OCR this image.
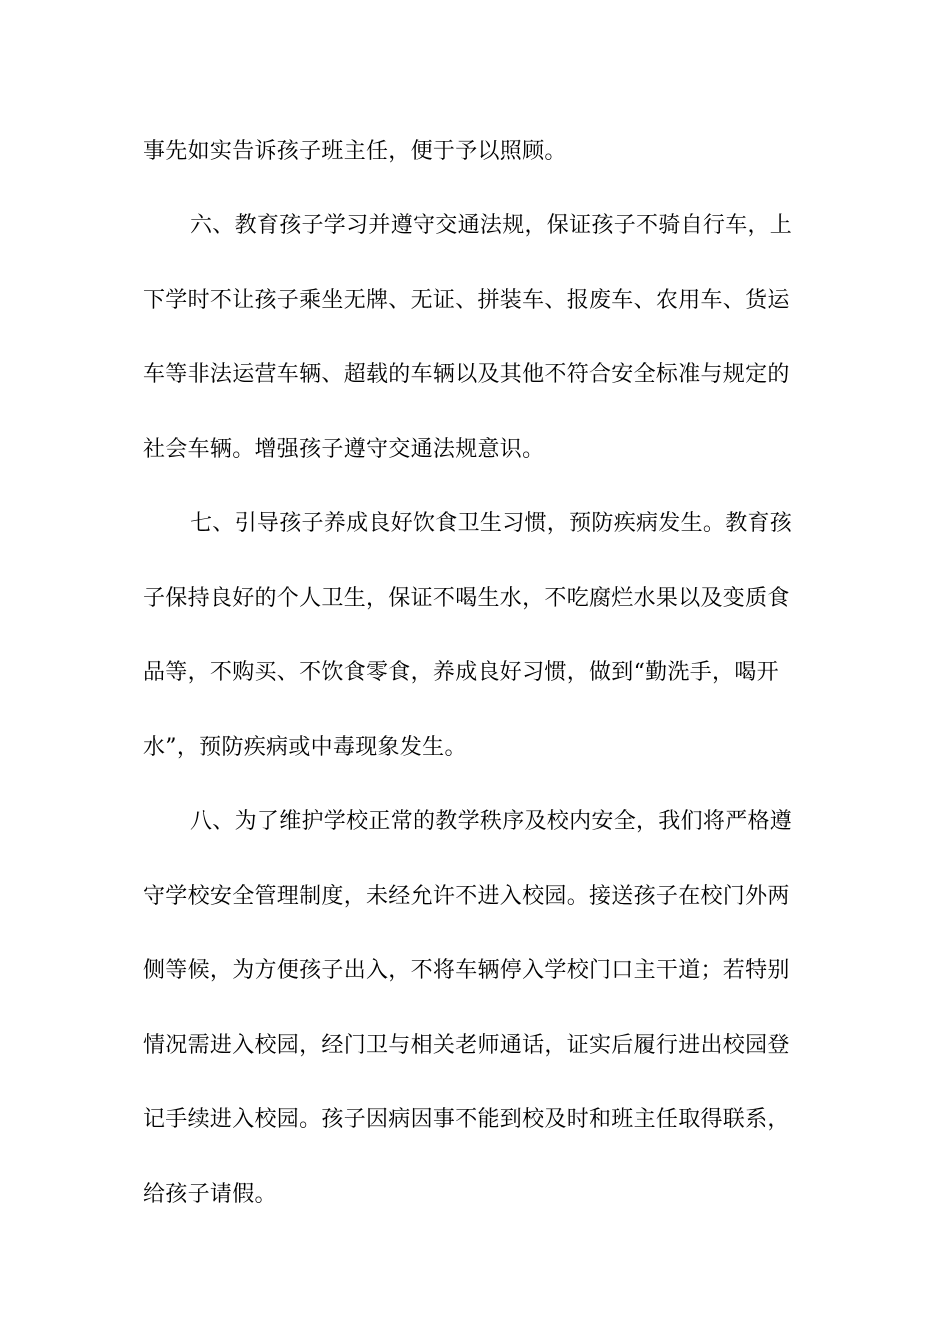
事先如实告诉孩子班主任，便于予以照顾。
六、教育孩子学习并遵守交通法规，保证孩子不骑自行车，上
下学时不让孩子乘坐无牌、无证、拼装车、报废车、农用车、货运
车等非法运营车辆、超载的车辆以及其他不符合安全标准与规定的
社会车辆。增强孩子遵守交通法规意识。
七、引导孩子养成良好饮食卫生习惯，预防疾病发生。教育孩
子保持良好的个人卫生，保证不喝生水，不吃腐烂水果以及变质食
品等，不购买、不饮食零食，养成良好习惯，做到“勤洗手，喝开
水”，预防疾病或中毒现象发生。
八、为了维护学校正常的教学秩序及校内安全，我们将严格遵
守学校安全管理制度，未经允许不进入校园。接送孩子在校门外两
侧等候，为方便孩子出入，不将车辆停入学校门口主干道；若特别
情况需进入校园，经门卫与相关老师通话，证实后履行进出校园登
记手续进入校园。孩子因病因事不能到校及时和班主任取得联系，
给孩子请假。
